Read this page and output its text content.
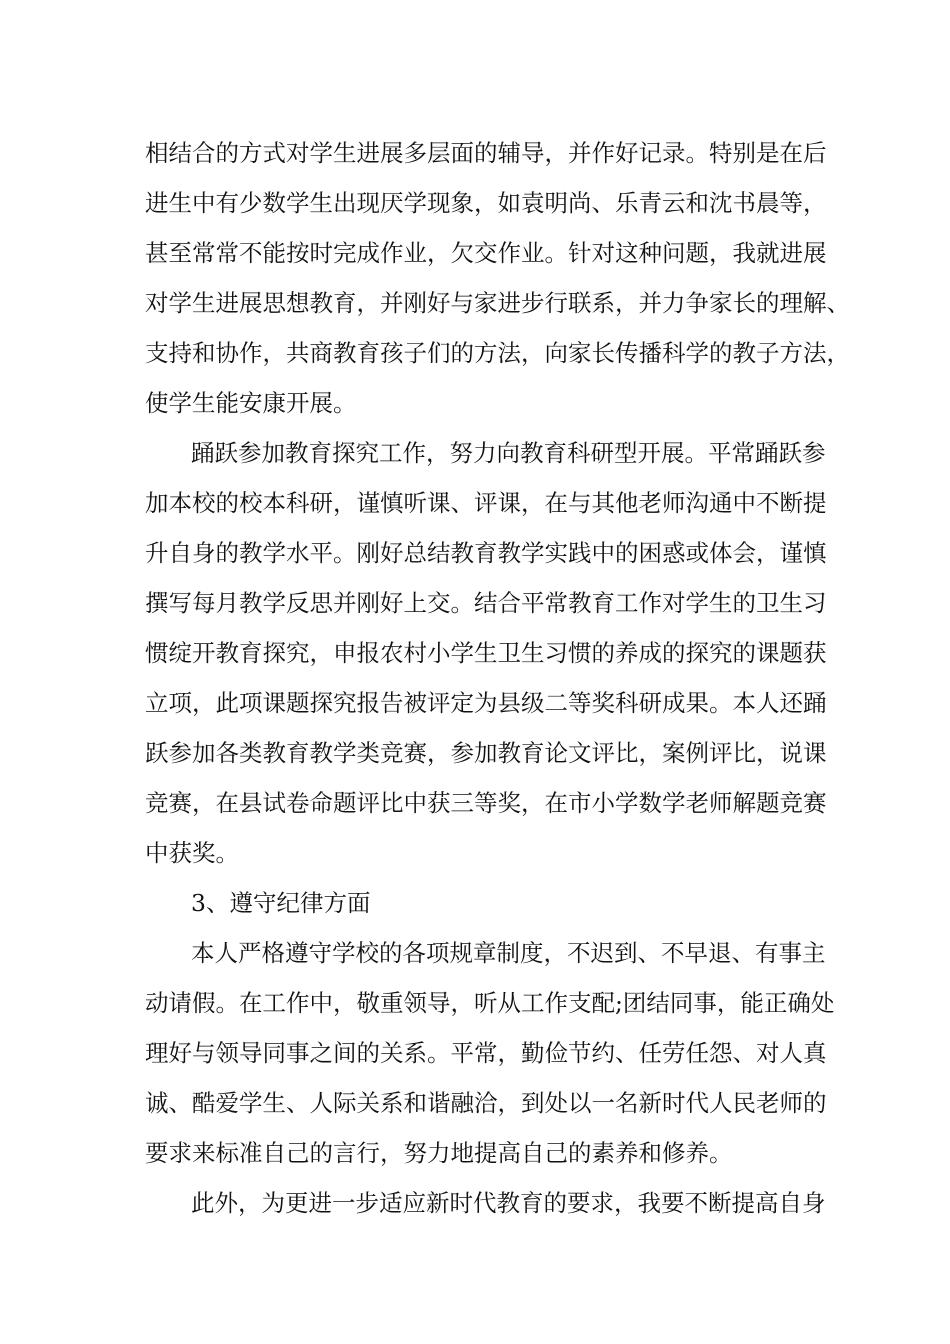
相结合的方式对学生进展多层面的辅导，并作好记录。特别是在后
进生中有少数学生出现厌学现象，如袁明尚、乐青云和沈书晨等，
甚至常常不能按时完成作业，欠交作业。针对这种问题，我就进展
对学生进展思想教育，并刚好与家进步行联系，并力争家长的理解、
支持和协作，共商教育孩子们的方法，向家长传播科学的教子方法，
使学生能安康开展。
踊跃参加教育探究工作，努力向教育科研型开展。平常踊跃参
加本校的校本科研，谨慎听课、评课，在与其他老师沟通中不断提
升自身的教学水平。刚好总结教育教学实践中的困惑或体会，谨慎
撰写每月教学反思并刚好上交。结合平常教育工作对学生的卫生习
惯绽开教育探究，申报农村小学生卫生习惯的养成的探究的课题获
立项，此项课题探究报告被评定为县级二等奖科研成果。本人还踊
跃参加各类教育教学类竞赛，参加教育论文评比，案例评比，说课
竞赛，在县试卷命题评比中获三等奖，在市小学数学老师解题竞赛
中获奖。
3、遵守纪律方面
本人严格遵守学校的各项规章制度，不迟到、不早退、有事主
动请假。在工作中，敬重领导，听从工作支配;团结同事，能正确处
理好与领导同事之间的关系。平常，勤俭节约、任劳任怨、对人真
诚、酷爱学生、人际关系和谐融洽，到处以一名新时代人民老师的
要求来标准自己的言行，努力地提高自己的素养和修养。
此外，为更进一步适应新时代教育的要求，我要不断提高自身
